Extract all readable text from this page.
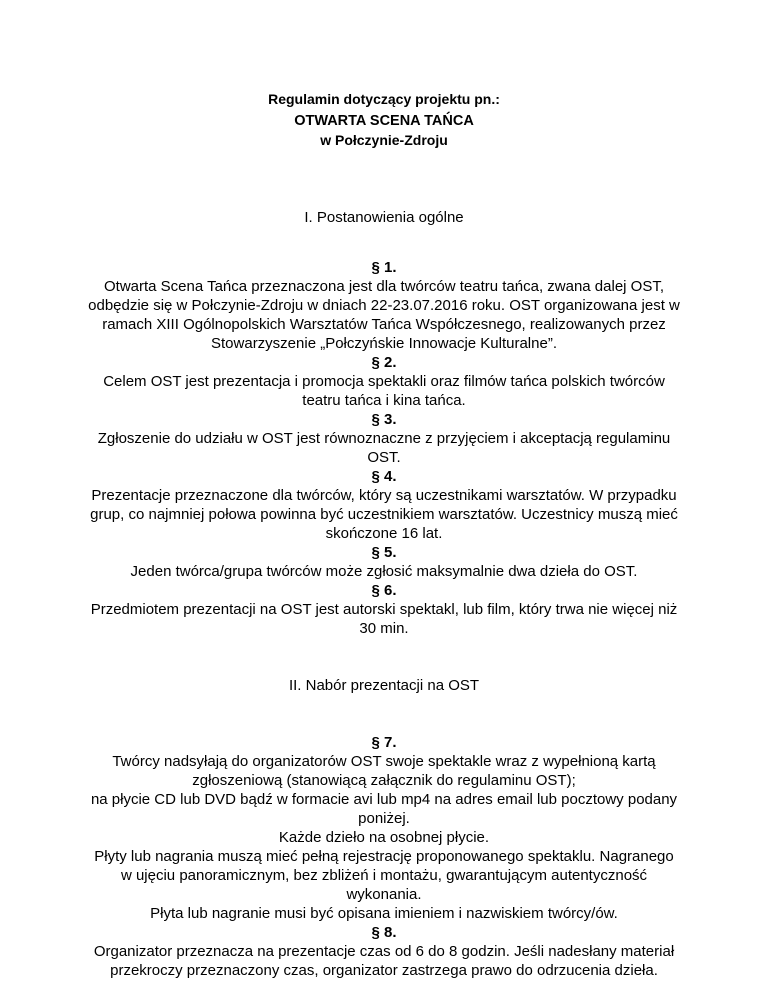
Regulamin dotyczący projektu pn.:
OTWARTA SCENA TAŃCA
w Połczynie-Zdroju
I. Postanowienia ogólne
§ 1.
Otwarta Scena Tańca przeznaczona jest dla twórców teatru tańca, zwana dalej OST,
odbędzie się w Połczynie-Zdroju w dniach 22-23.07.2016 roku. OST organizowana jest w
ramach XIII Ogólnopolskich Warsztatów Tańca Współczesnego, realizowanych przez
Stowarzyszenie „Połczyńskie Innowacje Kulturalne”.
§ 2.
Celem OST jest prezentacja i promocja spektakli oraz filmów tańca polskich twórców
teatru tańca i kina tańca.
§ 3.
Zgłoszenie do udziału w OST jest równoznaczne z przyjęciem i akceptacją regulaminu
OST.
§ 4.
Prezentacje przeznaczone dla twórców, który są uczestnikami warsztatów. W przypadku
grup, co najmniej połowa powinna być uczestnikiem warsztatów. Uczestnicy muszą mieć
skończone 16 lat.
§ 5.
Jeden twórca/grupa twórców może zgłosić maksymalnie dwa dzieła do OST.
§ 6.
Przedmiotem prezentacji na OST jest autorski spektakl, lub film, który trwa nie więcej niż
30 min.
II. Nabór prezentacji na OST
§ 7.
Twórcy nadsyłają do organizatorów OST swoje spektakle wraz z wypełnioną kartą
zgłoszeniową (stanowiącą załącznik do regulaminu OST);
na płycie CD lub DVD bądź w formacie avi lub mp4 na adres email lub pocztowy podany
poniżej.
Każde dzieło na osobnej płycie.
Płyty lub nagrania muszą mieć pełną rejestrację proponowanego spektaklu. Nagranego
w ujęciu panoramicznym, bez zbliżeń i montażu, gwarantującym autentyczność
wykonania.
Płyta lub nagranie musi być opisana imieniem i nazwiskiem twórcy/ów.
§ 8.
Organizator przeznacza na prezentacje czas od 6 do 8 godzin. Jeśli nadesłany materiał
przekroczy przeznaczony czas, organizator zastrzega prawo do odrzucenia dzieła.
